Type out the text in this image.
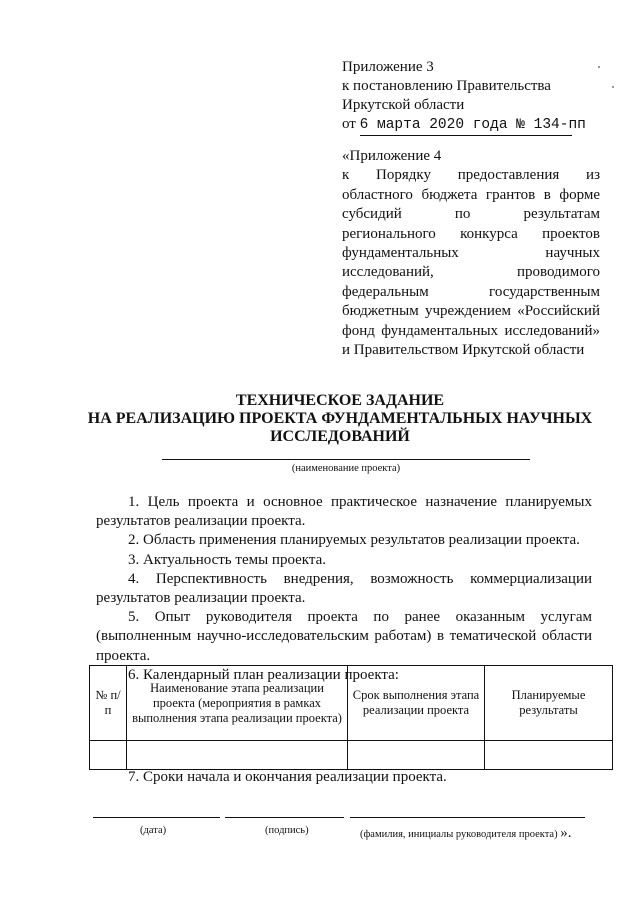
Приложение 3
к постановлению Правительства
Иркутской области
от 6 марта 2020 года № 134-пп
«Приложение 4
к Порядку предоставления из
областного бюджета грантов в форме
субсидий по результатам
регионального конкурса проектов
фундаментальных научных
исследований, проводимого
федеральным государственным
бюджетным учреждением «Российский
фонд фундаментальных исследований»
и Правительством Иркутской области
ТЕХНИЧЕСКОЕ ЗАДАНИЕ
НА РЕАЛИЗАЦИЮ ПРОЕКТА ФУНДАМЕНТАЛЬНЫХ НАУЧНЫХ
ИССЛЕДОВАНИЙ
(наименование проекта)

1. Цель проекта и основное практическое назначение планируемых результатов реализации проекта.

2. Область применения планируемых результатов реализации проекта.

3. Актуальность темы проекта.

4. Перспективность внедрения, возможность коммерциализации результатов реализации проекта.

5. Опыт руководителя проекта по ранее оказанным услугам (выполненным научно-исследовательским работам) в тематической области проекта.

6. Календарный план реализации проекта:

№ п/п	Наименование этапа реализации проекта (мероприятия в рамках выполнения этапа реализации проекта)	Срок выполнения этапа реализации проекта	Планируемые результаты

7. Сроки начала и окончания реализации проекта.
(дата)	(подпись)	(фамилия, инициалы руководителя проекта) ».
